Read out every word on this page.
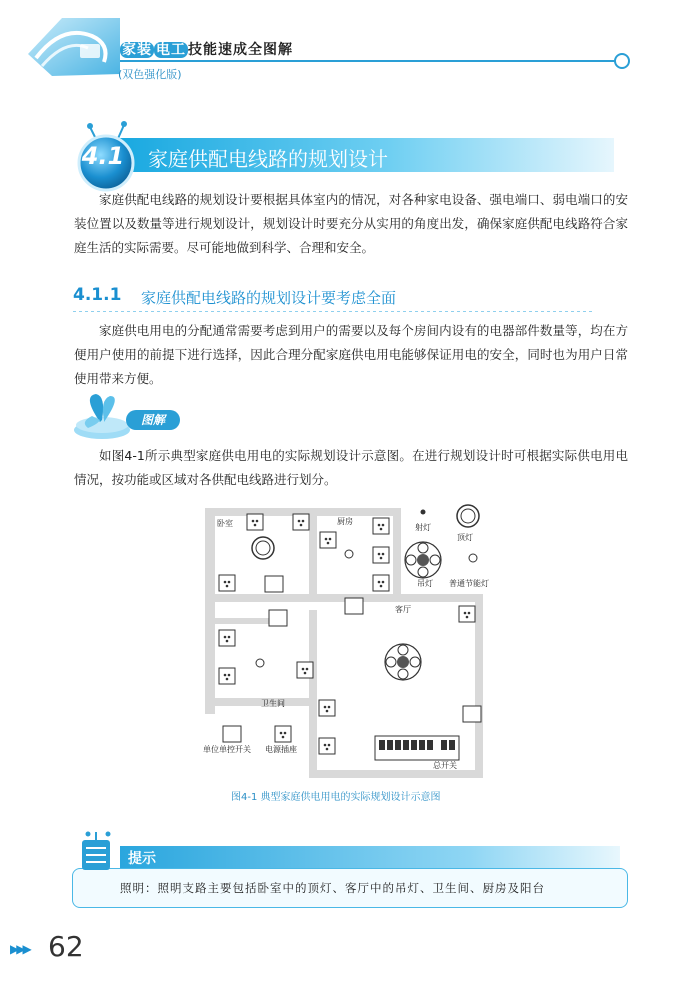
家装 电工 技能速成全图解
(双色强化版)
4.1	家庭供配电线路的规划设计

家庭供配电线路的规划设计要根据具体室内的情况，对各种家电设备、强电端口、弱电端口的安装位置以及数量等进行规划设计，规划设计时要充分从实用的角度出发，确保家庭供配电线路符合家庭生活的实际需要。尽可能地做到科学、合理和安全。

4.1.1 家庭供配电线路的规划设计要考虑全面

家庭供电用电的分配通常需要考虑到用户的需要以及每个房间内设有的电器部件数量等，均在方便用户使用的前提下进行选择，因此合理分配家庭供电用电能够保证用电的安全，同时也为用户日常使用带来方便。

图解

如图4-1所示典型家庭供电用电的实际规划设计示意图。在进行规划设计时可根据实际供电用电情况，按功能或区域对各供配电线路进行划分。

卧室	厨房
客厅
卫生间
射灯
顶灯
吊灯 普通节能灯
单位单控开关 电源插座
总开关
图4-1 典型家庭供电用电的实际规划设计示意图
提示
照明：照明支路主要包括卧室中的顶灯、客厅中的吊灯、卫生间、厨房及阳台
▶▶▶ 62
